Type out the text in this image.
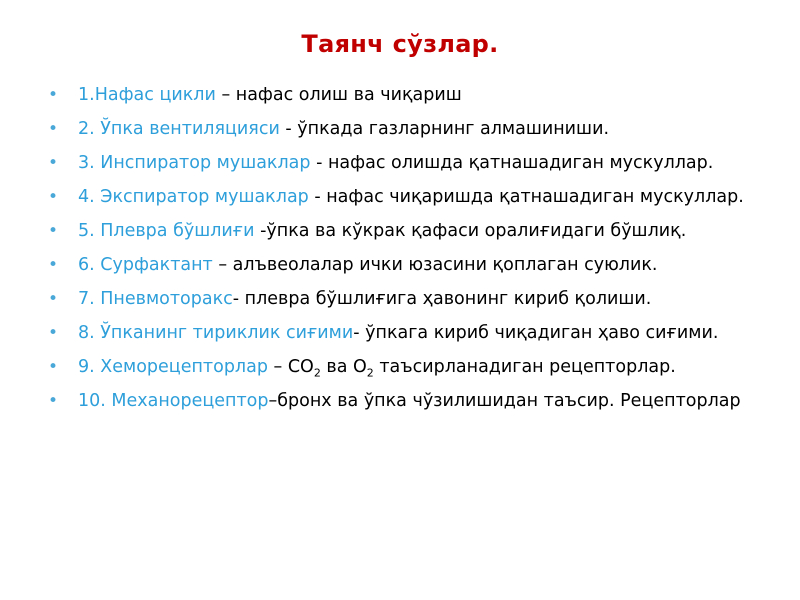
Таянч сўзлар.
• 1.Нафас цикли – нафас олиш ва чиқариш
• 2. Ўпка вентиляцияси - ўпкада газларнинг алмашиниши.
• 3. Инспиратор мушаклар - нафас олишда қатнашадиган мускуллар.
• 4. Экспиратор мушаклар - нафас чиқаришда қатнашадиган мускуллар.
• 5. Плевра бўшлиғи -ўпка ва кўкрак қафаси оралиғидаги бўшлиқ.
• 6. Сурфактант – алъвеолалар ички юзасини қоплаган суюлик.
• 7. Пневмоторакс- плевра бўшлиғига ҳавонинг кириб қолиши.
• 8. Ўпканинг тириклик сиғими- ўпкага кириб чиқадиган ҳаво сиғими.
• 9. Хеморецепторлар – $СО_2$ ва $О_2$ таъсирланадиган рецепторлар.
• 10. Механорецептор–бронх ва ўпка чўзилишидан таъсир. Рецепторлар
